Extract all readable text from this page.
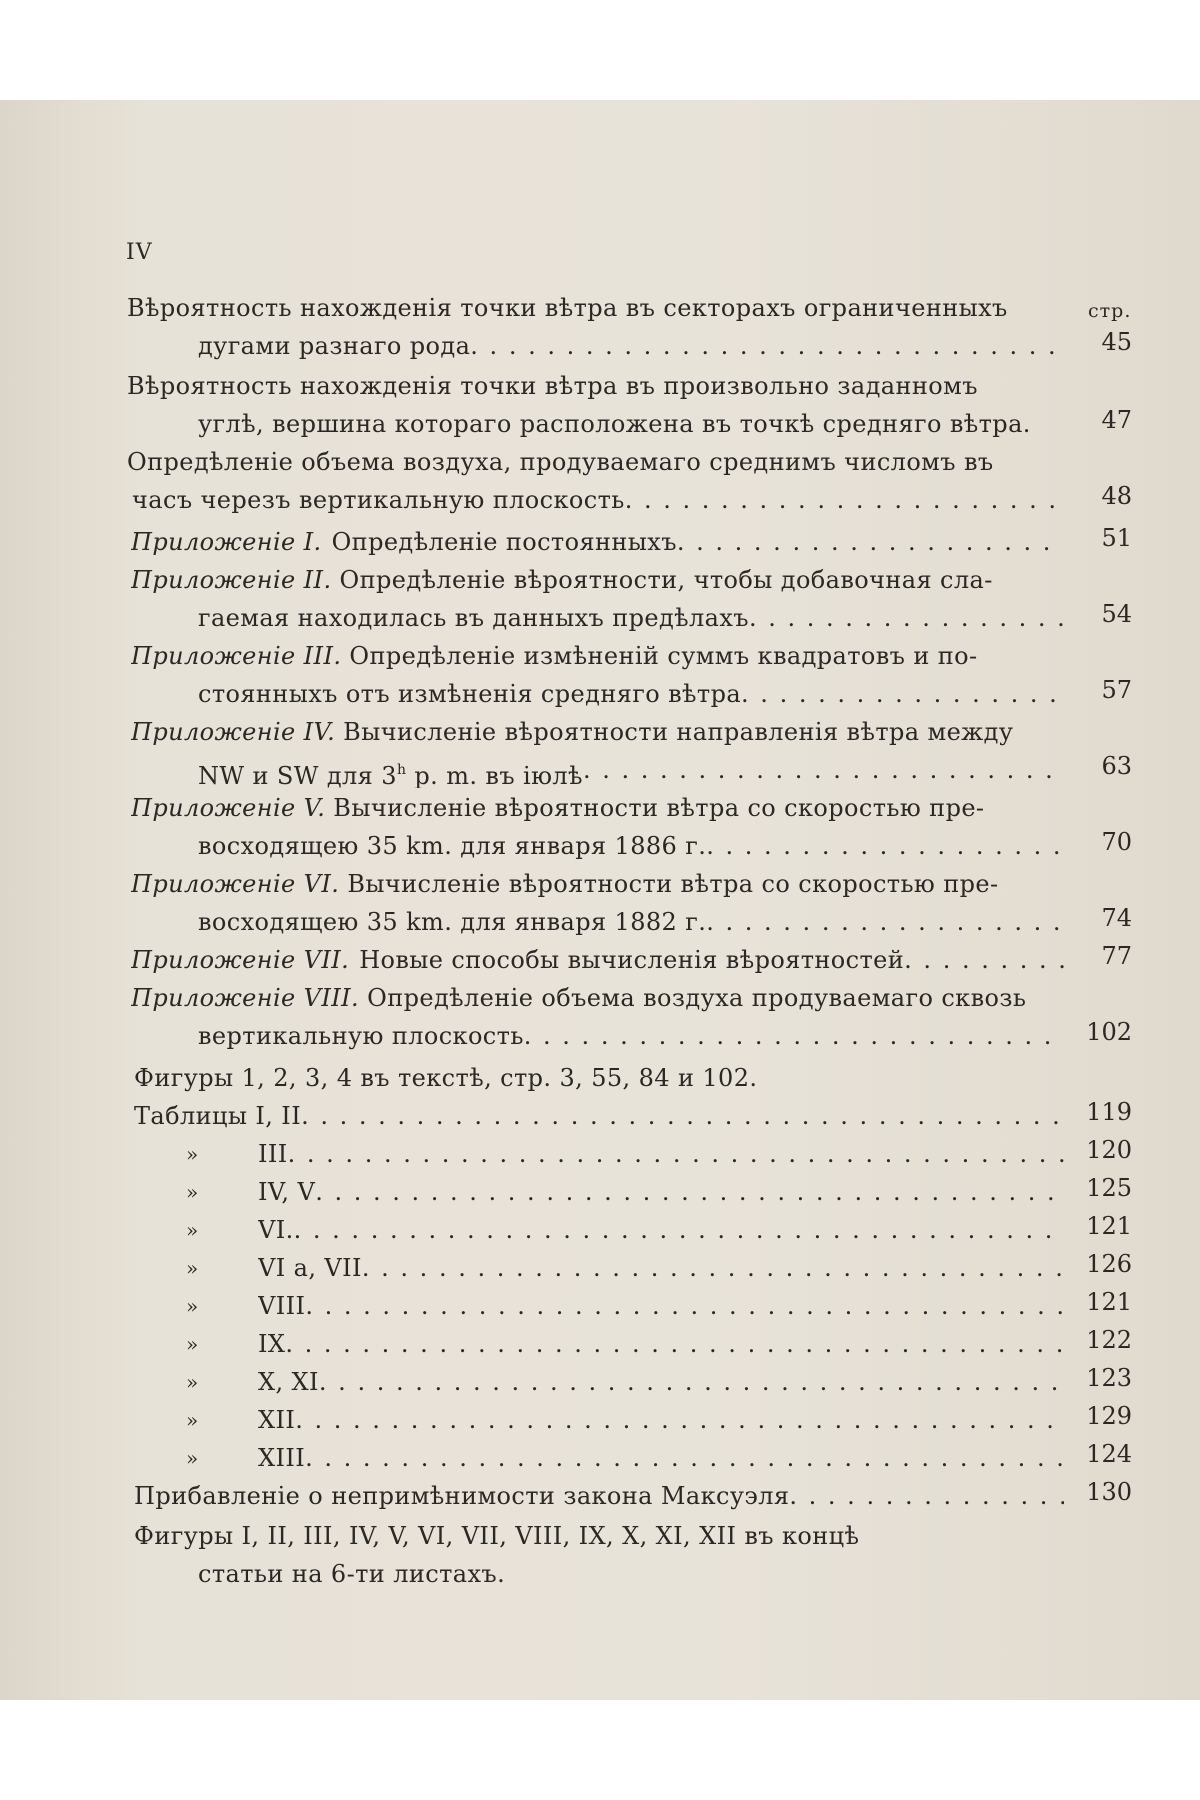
IV
стр.
Вѣроятность нахожденія точки вѣтра въ секторахъ ограниченныхъ
дугами разнаго рода . . .	45
Вѣроятность нахожденія точки вѣтра въ произвольно заданномъ
углѣ, вершина котораго расположена въ точкѣ средняго вѣтра.	47
Опредѣленіе объема воздуха, продуваемаго среднимъ числомъ въ
часъ черезъ вертикальную плоскость . . .	48
Приложеніе I. Опредѣленіе постоянныхъ . . .	51
Приложеніе II. Опредѣленіе вѣроятности, чтобы добавочная сла-
гаемая находилась въ данныхъ предѣлахъ . . .	54
Приложеніе III. Опредѣленіе измѣненій суммъ квадратовъ и по-
стоянныхъ отъ измѣненія средняго вѣтра . . .	57
Приложеніе IV. Вычисленіе вѣроятности направленія вѣтра между
NW и SW для 3$^h$ p. m. въ іюлѣ . . .	63
Приложеніе V. Вычисленіе вѣроятности вѣтра со скоростью пре-
восходящею 35 km. для января 1886 г. . . .	70
Приложеніе VI. Вычисленіе вѣроятности вѣтра со скоростью пре-
восходящею 35 km. для января 1882 г. . . .	74
Приложеніе VII. Новые способы вычисленія вѣроятностей . . .	77
Приложеніе VIII. Опредѣленіе объема воздуха продуваемаго сквозь
вертикальную плоскость . . .	102
Фигуры 1, 2, 3, 4 въ текстѣ, стр. 3, 55, 84 и 102.
Таблицы I, II . . .	119
» III . . .	120
» IV, V . . .	125
» VI. . . .	121
» VI a, VII . . .	126
» VIII . . .	121
» IX . . .	122
» X, XI . . .	123
» XII . . .	129
» XIII . . .	124
Прибавленіе о непримѣнимости закона Максуэля . . .	130
Фигуры I, II, III, IV, V, VI, VII, VIII, IX, X, XI, XII въ концѣ
статьи на 6-ти листахъ.
